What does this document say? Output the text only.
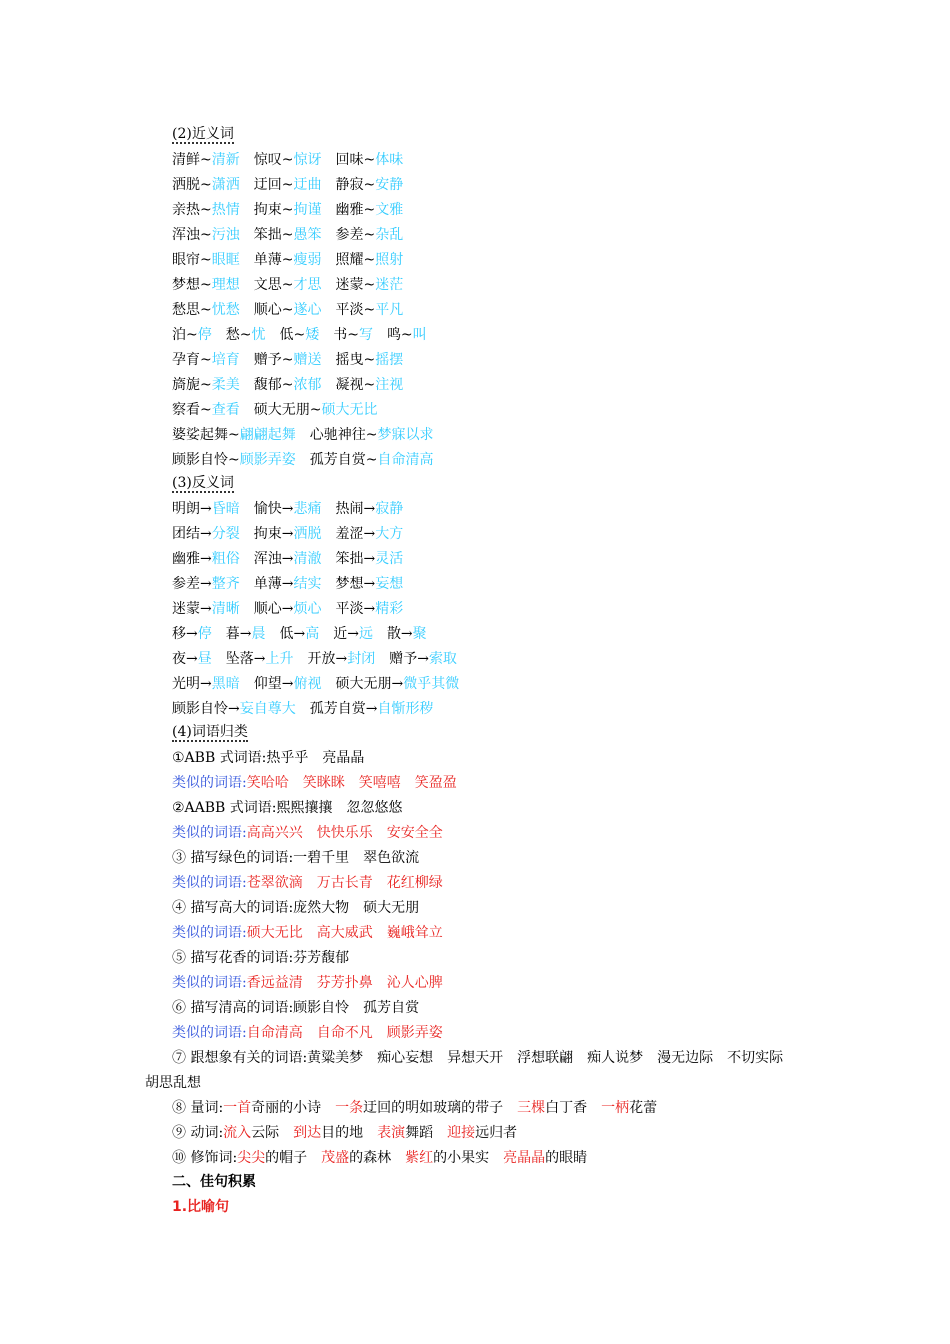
(2)近义词
清鲜~清新 惊叹~惊讶 回味~体味
洒脱~潇洒 迂回~迂曲 静寂~安静
亲热~热情 拘束~拘谨 幽雅~文雅
浑浊~污浊 笨拙~愚笨 参差~杂乱
眼帘~眼眶 单薄~瘦弱 照耀~照射
梦想~理想 文思~才思 迷蒙~迷茫
愁思~忧愁 顺心~遂心 平淡~平凡
泊~停 愁~忧 低~矮 书~写 鸣~叫
孕育~培育 赠予~赠送 摇曳~摇摆
旖旎~柔美 馥郁~浓郁 凝视~注视
察看~查看 硕大无朋~硕大无比
婆娑起舞~翩翩起舞 心驰神往~梦寐以求
顾影自怜~顾影弄姿 孤芳自赏~自命清高
(3)反义词
明朗→昏暗 愉快→悲痛 热闹→寂静
团结→分裂 拘束→洒脱 羞涩→大方
幽雅→粗俗 浑浊→清澈 笨拙→灵活
参差→整齐 单薄→结实 梦想→妄想
迷蒙→清晰 顺心→烦心 平淡→精彩
移→停 暮→晨 低→高 近→远 散→聚
夜→昼 坠落→上升 开放→封闭 赠予→索取
光明→黑暗 仰望→俯视 硕大无朋→微乎其微
顾影自怜→妄自尊大 孤芳自赏→自惭形秽
(4)词语归类
①ABB 式词语:热乎乎　亮晶晶
类似的词语:笑哈哈　笑眯眯　笑嘻嘻　笑盈盈
②AABB 式词语:熙熙攘攘　忽忽悠悠
类似的词语:高高兴兴　快快乐乐　安安全全
③ 描写绿色的词语:一碧千里　翠色欲流
类似的词语:苍翠欲滴　万古长青　花红柳绿
④ 描写高大的词语:庞然大物　硕大无朋
类似的词语:硕大无比　高大威武　巍峨耸立
⑤ 描写花香的词语:芬芳馥郁
类似的词语:香远益清　芬芳扑鼻　沁人心脾
⑥ 描写清高的词语:顾影自怜　孤芳自赏
类似的词语:自命清高　自命不凡　顾影弄姿
⑦ 跟想象有关的词语:黄粱美梦　痴心妄想　异想天开　浮想联翩　痴人说梦　漫无边际　不切实际
胡思乱想
⑧ 量词:一首奇丽的小诗 一条迂回的明如玻璃的带子 三棵白丁香 一柄花蕾
⑨ 动词:流入云际 到达目的地 表演舞蹈 迎接远归者
⑩ 修饰词:尖尖的帽子 茂盛的森林 紫红的小果实 亮晶晶的眼睛
二、佳句积累
1.比喻句
